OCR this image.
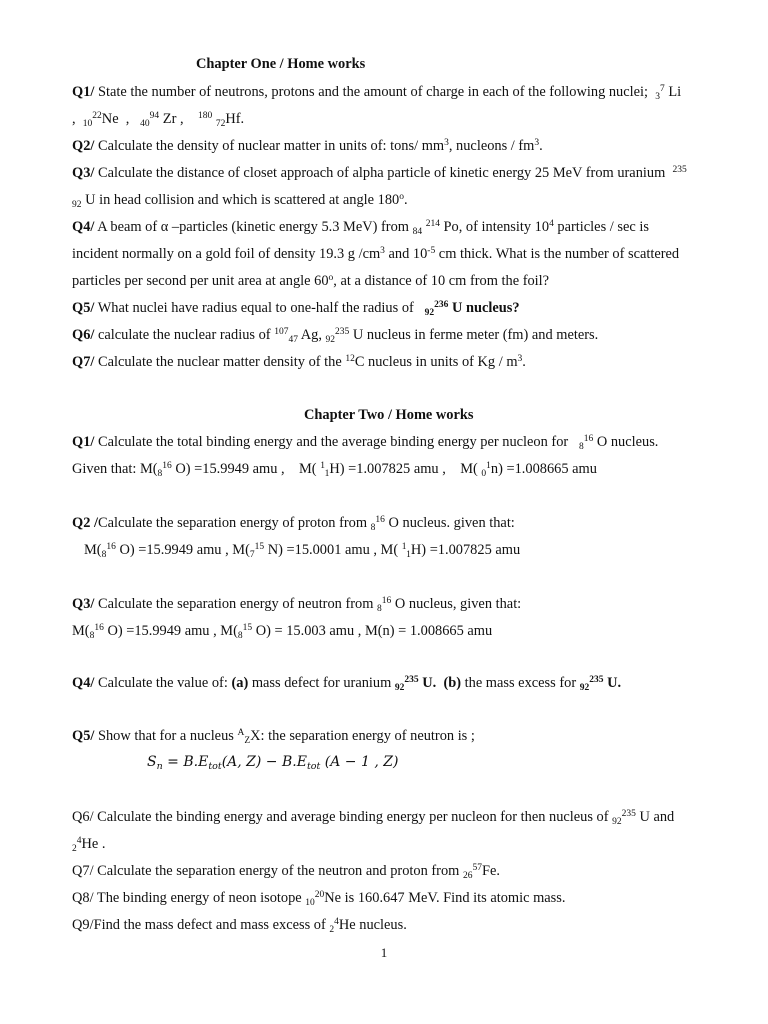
Chapter One / Home works
Q1/ State the number of neutrons, protons and the amount of charge in each of the following nuclei; $_3^7$ Li
,  $_{10}^{22}$Ne  ,   $_{40}^{94}$ Zr ,    $^{180}$ $_{72}$Hf.
Q2/ Calculate the density of nuclear matter in units of: tons/ $mm^3$, nucleons / $fm^3$.
Q3/ Calculate the distance of closet approach of alpha particle of kinetic energy 25 MeV from uranium  $^{235}$
$_{92}$ U in head collision and which is scattered at angle 180$^o$.
Q4/ A beam of α –particles (kinetic energy 5.3 MeV) from $_{84}$ $^{214}$ Po, of intensity $10^4$ particles / sec is
incident normally on a gold foil of density 19.3 g $/cm^3$ and $10^{-5}$ cm thick. What is the number of scattered
particles per second per unit area at angle 60$^o$, at a distance of 10 cm from the foil?
Q5/ What nuclei have radius equal to one-half the radius of   $_{92}^{236}$ U nucleus?
Q6/ calculate the nuclear radius of $^{107}_{47}$ Ag, $_{92}^{235}$ U nucleus in ferme meter (fm) and meters.
Q7/ Calculate the nuclear matter density of the $^{12}$C nucleus in units of Kg / $m^3$.
Chapter Two / Home works
Q1/ Calculate the total binding energy and the average binding energy per nucleon for   $_8^{16}$ O nucleus.
Given that: $M(_8^{16}$ O) =15.9949 amu , M( $^1_1$H) =1.007825 amu , M( $_0^1$n) =1.008665 amu
Q2 /Calculate the separation energy of proton from $_8^{16}$ O nucleus. given that:
$M(_8^{16}$ O) =15.9949 amu , $M(_7^{15}$ N) =15.0001 amu , M( $^1_1$H) =1.007825 amu
Q3/ Calculate the separation energy of neutron from $_8^{16}$ O nucleus, given that:
$M(_8^{16}$ O) =15.9949 amu , $M(_8^{15}$ O) = 15.003 amu , M(n) = 1.008665 amu
Q4/ Calculate the value of: (a) mass defect for uranium $_{92}^{235}$ U. (b) the mass excess for $_{92}^{235}$ U.
Q5/ Show that for a nucleus $^A_Z$X: the separation energy of neutron is ;
$S_n = B.E_{tot}(A$, $Z) - B.E_{tot}$ (A − 1 , Z)
Q6/ Calculate the binding energy and average binding energy per nucleon for then nucleus of $_{92}^{235}$ U and
$_2^4$He .
Q7/ Calculate the separation energy of the neutron and proton from $_{26}^{57}$Fe.
Q8/ The binding energy of neon isotope $_{10}^{20}$Ne is 160.647 MeV. Find its atomic mass.
Q9/Find the mass defect and mass excess of $_2^4$He nucleus.
1
